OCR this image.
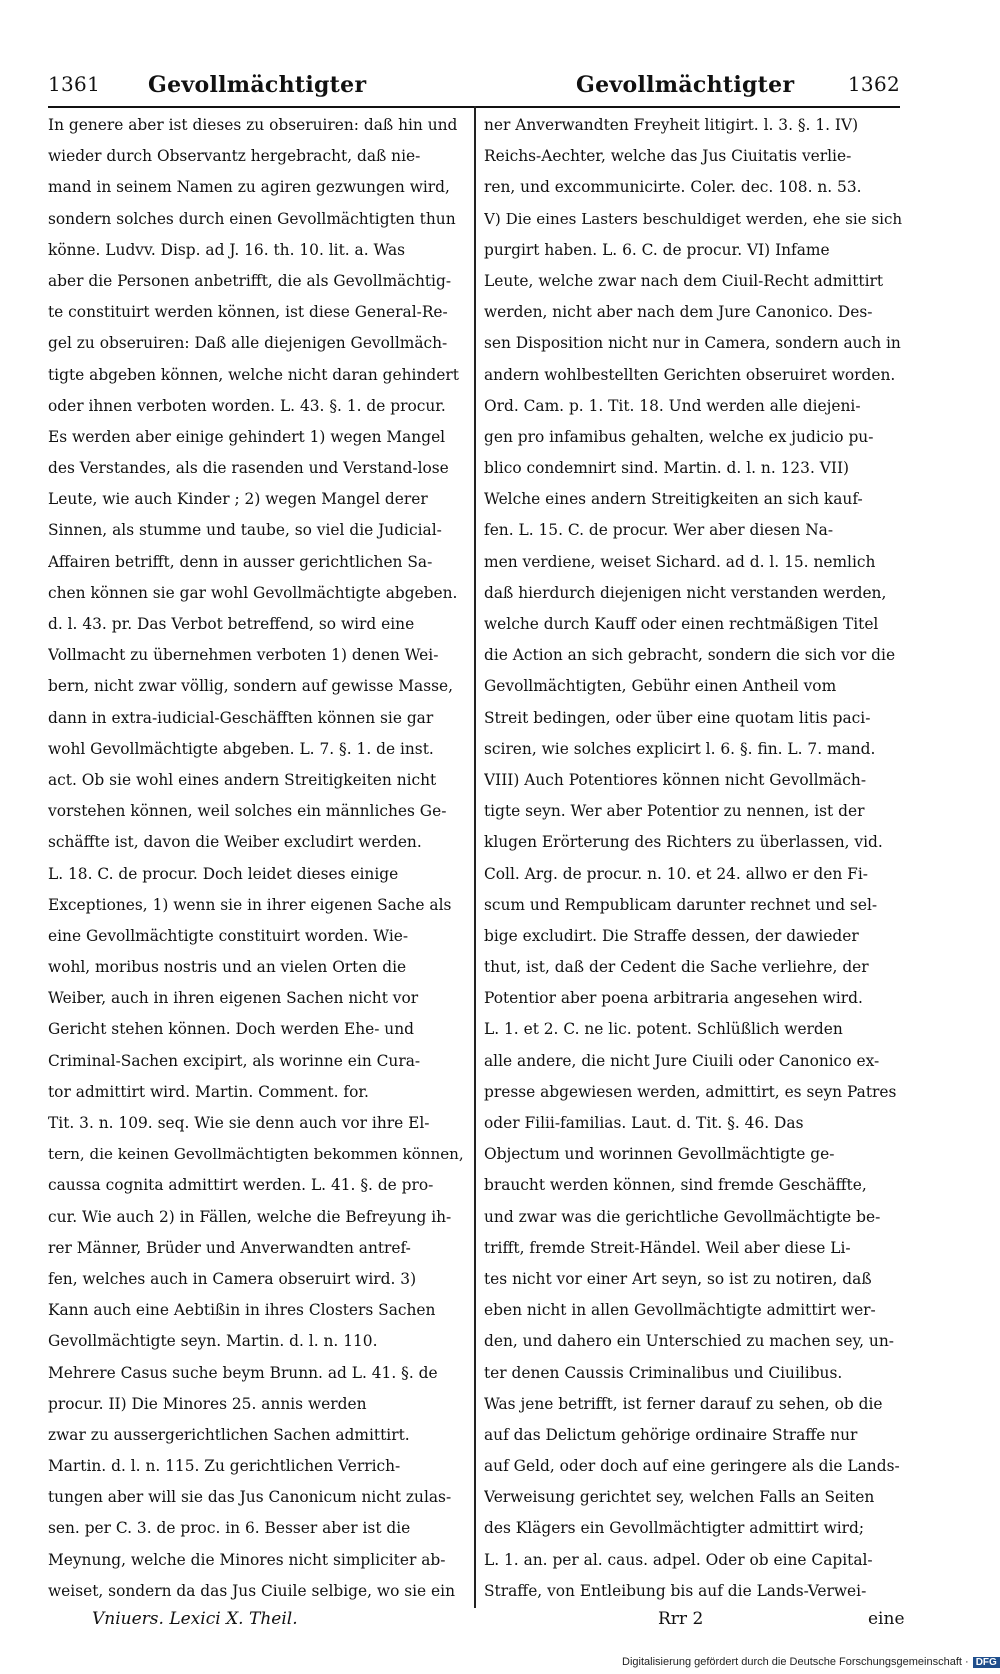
1361 Gevollmächtigter	Gevollmächtigter	1362
In genere aber ist dieses zu obseruiren: daß hin und
wieder durch Observantz hergebracht, daß nie-
mand in seinem Namen zu agiren gezwungen wird,
sondern solches durch einen Gevollmächtigten thun
könne. Ludvv. Disp. ad J. 16. th. 10. lit. a. Was
aber die Personen anbetrifft, die als Gevollmächtig-
te constituirt werden können, ist diese General-Re-
gel zu obseruiren: Daß alle diejenigen Gevollmäch-
tigte abgeben können, welche nicht daran gehindert
oder ihnen verboten worden. L. 43. §. 1. de procur.
Es werden aber einige gehindert 1) wegen Mangel
des Verstandes, als die rasenden und Verstand-lose
Leute, wie auch Kinder ; 2) wegen Mangel derer
Sinnen, als stumme und taube, so viel die Judicial-
Affairen betrifft, denn in ausser gerichtlichen Sa-
chen können sie gar wohl Gevollmächtigte abgeben.
d. l. 43. pr. Das Verbot betreffend, so wird eine
Vollmacht zu übernehmen verboten 1) denen Wei-
bern, nicht zwar völlig, sondern auf gewisse Masse,
dann in extra-iudicial-Geschäfften können sie gar
wohl Gevollmächtigte abgeben. L. 7. §. 1. de inst.
act. Ob sie wohl eines andern Streitigkeiten nicht
vorstehen können, weil solches ein männliches Ge-
schäffte ist, davon die Weiber excludirt werden.
L. 18. C. de procur. Doch leidet dieses einige
Exceptiones, 1) wenn sie in ihrer eigenen Sache als
eine Gevollmächtigte constituirt worden. Wie-
wohl, moribus nostris und an vielen Orten die
Weiber, auch in ihren eigenen Sachen nicht vor
Gericht stehen können. Doch werden Ehe- und
Criminal-Sachen excipirt, als worinne ein Cura-
tor admittirt wird. Martin. Comment. for.
Tit. 3. n. 109. seq. Wie sie denn auch vor ihre El-
tern, die keinen Gevollmächtigten bekommen können,
caussa cognita admittirt werden. L. 41. §. de pro-
cur. Wie auch 2) in Fällen, welche die Befreyung ih-
rer Männer, Brüder und Anverwandten antref-
fen, welches auch in Camera obseruirt wird. 3)
Kann auch eine Aebtißin in ihres Closters Sachen
Gevollmächtigte seyn. Martin. d. l. n. 110.
Mehrere Casus suche beym Brunn. ad L. 41. §. de
procur. II) Die Minores 25. annis werden
zwar zu aussergerichtlichen Sachen admittirt.
Martin. d. l. n. 115. Zu gerichtlichen Verrich-
tungen aber will sie das Jus Canonicum nicht zulas-
sen. per C. 3. de proc. in 6. Besser aber ist die
Meynung, welche die Minores nicht simpliciter ab-
weiset, sondern da das Jus Ciuile selbige, wo sie ein
ner Anverwandten Freyheit litigirt. l. 3. §. 1. IV)
Reichs-Aechter, welche das Jus Ciuitatis verlie-
ren, und excommunicirte. Coler. dec. 108. n. 53.
V) Die eines Lasters beschuldiget werden, ehe sie sich
purgirt haben. L. 6. C. de procur. VI) Infame
Leute, welche zwar nach dem Ciuil-Recht admittirt
werden, nicht aber nach dem Jure Canonico. Des-
sen Disposition nicht nur in Camera, sondern auch in
andern wohlbestellten Gerichten obseruiret worden.
Ord. Cam. p. 1. Tit. 18. Und werden alle diejeni-
gen pro infamibus gehalten, welche ex judicio pu-
blico condemnirt sind. Martin. d. l. n. 123. VII)
Welche eines andern Streitigkeiten an sich kauf-
fen. L. 15. C. de procur. Wer aber diesen Na-
men verdiene, weiset Sichard. ad d. l. 15. nemlich
daß hierdurch diejenigen nicht verstanden werden,
welche durch Kauff oder einen rechtmäßigen Titel
die Action an sich gebracht, sondern die sich vor die
Gevollmächtigten, Gebühr einen Antheil vom
Streit bedingen, oder über eine quotam litis paci-
sciren, wie solches explicirt l. 6. §. fin. L. 7. mand.
VIII) Auch Potentiores können nicht Gevollmäch-
tigte seyn. Wer aber Potentior zu nennen, ist der
klugen Erörterung des Richters zu überlassen, vid.
Coll. Arg. de procur. n. 10. et 24. allwo er den Fi-
scum und Rempublicam darunter rechnet und sel-
bige excludirt. Die Straffe dessen, der dawieder
thut, ist, daß der Cedent die Sache verliehre, der
Potentior aber poena arbitraria angesehen wird.
L. 1. et 2. C. ne lic. potent. Schlüßlich werden
alle andere, die nicht Jure Ciuili oder Canonico ex-
presse abgewiesen werden, admittirt, es seyn Patres
oder Filii-familias. Laut. d. Tit. §. 46. Das
Objectum und worinnen Gevollmächtigte ge-
braucht werden können, sind fremde Geschäffte,
und zwar was die gerichtliche Gevollmächtigte be-
trifft, fremde Streit-Händel. Weil aber diese Li-
tes nicht vor einer Art seyn, so ist zu notiren, daß
eben nicht in allen Gevollmächtigte admittirt wer-
den, und dahero ein Unterschied zu machen sey, un-
ter denen Caussis Criminalibus und Ciuilibus.
Was jene betrifft, ist ferner darauf zu sehen, ob die
auf das Delictum gehörige ordinaire Straffe nur
auf Geld, oder doch auf eine geringere als die Lands-
Verweisung gerichtet sey, welchen Falls an Seiten
des Klägers ein Gevollmächtigter admittirt wird;
L. 1. an. per al. caus. adpel. Oder ob eine Capital-
Straffe, von Entleibung bis auf die Lands-Verwei-
Vniuers. Lexici X. Theil.	Rrr 2	eine
Digitalisierung gefördert durch die Deutsche Forschungsgemeinschaft · DFG
